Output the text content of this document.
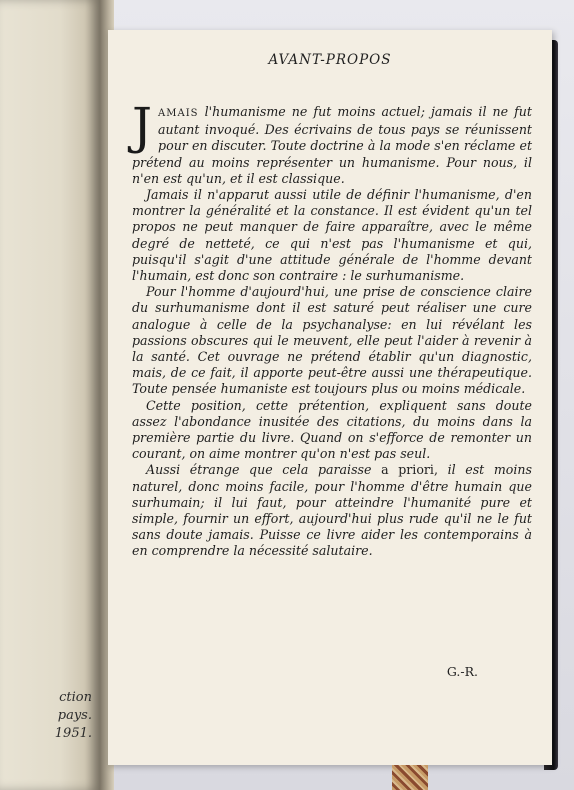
ction
pays.
1951.
AVANT-PROPOS

JAMAIS l'humanisme ne fut moins actuel; jamais il ne fut autant invoqué. Des écrivains de tous pays se réunissent pour en discuter. Toute doctrine à la mode s'en réclame et prétend au moins représenter un humanisme. Pour nous, il n'en est qu'un, et il est classique.

Jamais il n'apparut aussi utile de définir l'humanisme, d'en montrer la généralité et la constance. Il est évident qu'un tel propos ne peut manquer de faire apparaître, avec le même degré de netteté, ce qui n'est pas l'humanisme et qui, puisqu'il s'agit d'une attitude générale de l'homme devant l'humain, est donc son contraire : le surhumanisme.

Pour l'homme d'aujourd'hui, une prise de conscience claire du surhumanisme dont il est saturé peut réaliser une cure analogue à celle de la psychanalyse: en lui révélant les passions obscures qui le meuvent, elle peut l'aider à revenir à la santé. Cet ouvrage ne prétend établir qu'un diagnostic, mais, de ce fait, il apporte peut-être aussi une thérapeutique. Toute pensée humaniste est toujours plus ou moins médicale.

Cette position, cette prétention, expliquent sans doute assez l'abondance inusitée des citations, du moins dans la première partie du livre. Quand on s'efforce de remonter un courant, on aime montrer qu'on n'est pas seul.

Aussi étrange que cela paraisse a priori, il est moins naturel, donc moins facile, pour l'homme d'être humain que surhumain; il lui faut, pour atteindre l'humanité pure et simple, fournir un effort, aujourd'hui plus rude qu'il ne le fut sans doute jamais. Puisse ce livre aider les contemporains à en comprendre la nécessité salutaire.

G.-R.
